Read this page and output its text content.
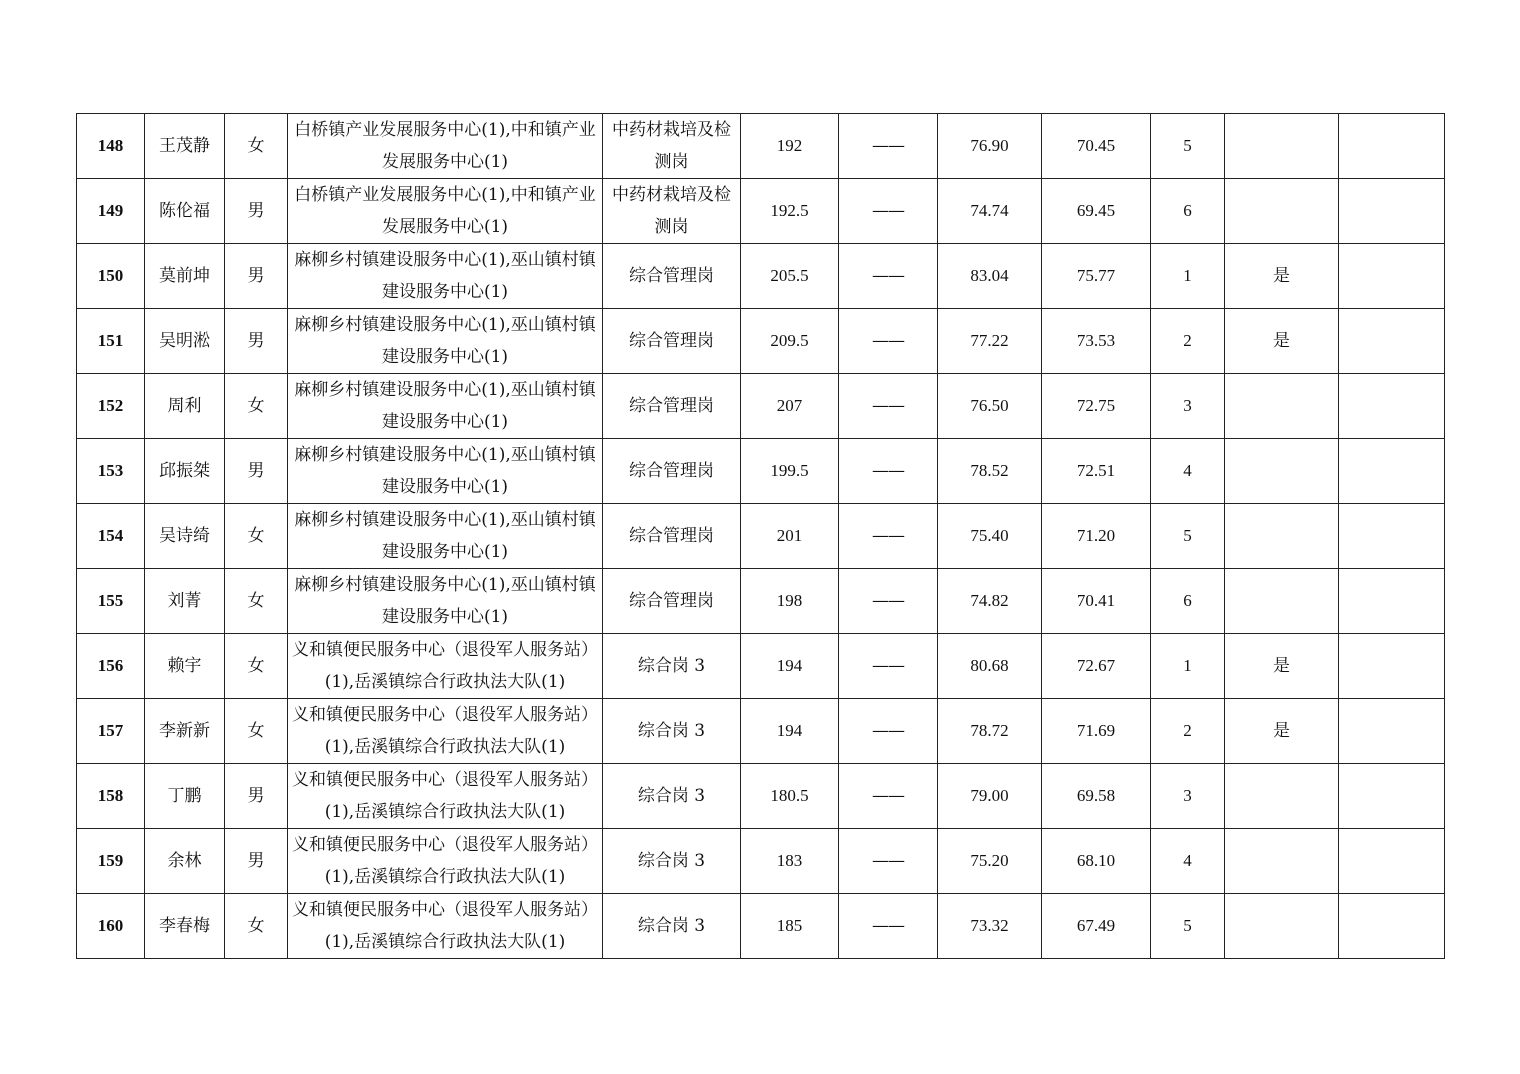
148	王茂静	女	白桥镇产业发展服务中心(1),中和镇产业发展服务中心(1)	中药材栽培及检测岗	192	——	76.90	70.45	5		
149	陈伦福	男	白桥镇产业发展服务中心(1),中和镇产业发展服务中心(1)	中药材栽培及检测岗	192.5	——	74.74	69.45	6		
150	莫前坤	男	麻柳乡村镇建设服务中心(1),巫山镇村镇建设服务中心(1)	综合管理岗	205.5	——	83.04	75.77	1	是	
151	吴明淞	男	麻柳乡村镇建设服务中心(1),巫山镇村镇建设服务中心(1)	综合管理岗	209.5	——	77.22	73.53	2	是	
152	周利	女	麻柳乡村镇建设服务中心(1),巫山镇村镇建设服务中心(1)	综合管理岗	207	——	76.50	72.75	3		
153	邱振桀	男	麻柳乡村镇建设服务中心(1),巫山镇村镇建设服务中心(1)	综合管理岗	199.5	——	78.52	72.51	4		
154	吴诗绮	女	麻柳乡村镇建设服务中心(1),巫山镇村镇建设服务中心(1)	综合管理岗	201	——	75.40	71.20	5		
155	刘菁	女	麻柳乡村镇建设服务中心(1),巫山镇村镇建设服务中心(1)	综合管理岗	198	——	74.82	70.41	6		
156	赖宇	女	义和镇便民服务中心（退役军人服务站）(1),岳溪镇综合行政执法大队(1)	综合岗 3	194	——	80.68	72.67	1	是	
157	李新新	女	义和镇便民服务中心（退役军人服务站）(1),岳溪镇综合行政执法大队(1)	综合岗 3	194	——	78.72	71.69	2	是	
158	丁鹏	男	义和镇便民服务中心（退役军人服务站）(1),岳溪镇综合行政执法大队(1)	综合岗 3	180.5	——	79.00	69.58	3		
159	余林	男	义和镇便民服务中心（退役军人服务站）(1),岳溪镇综合行政执法大队(1)	综合岗 3	183	——	75.20	68.10	4		
160	李春梅	女	义和镇便民服务中心（退役军人服务站）(1),岳溪镇综合行政执法大队(1)	综合岗 3	185	——	73.32	67.49	5		
